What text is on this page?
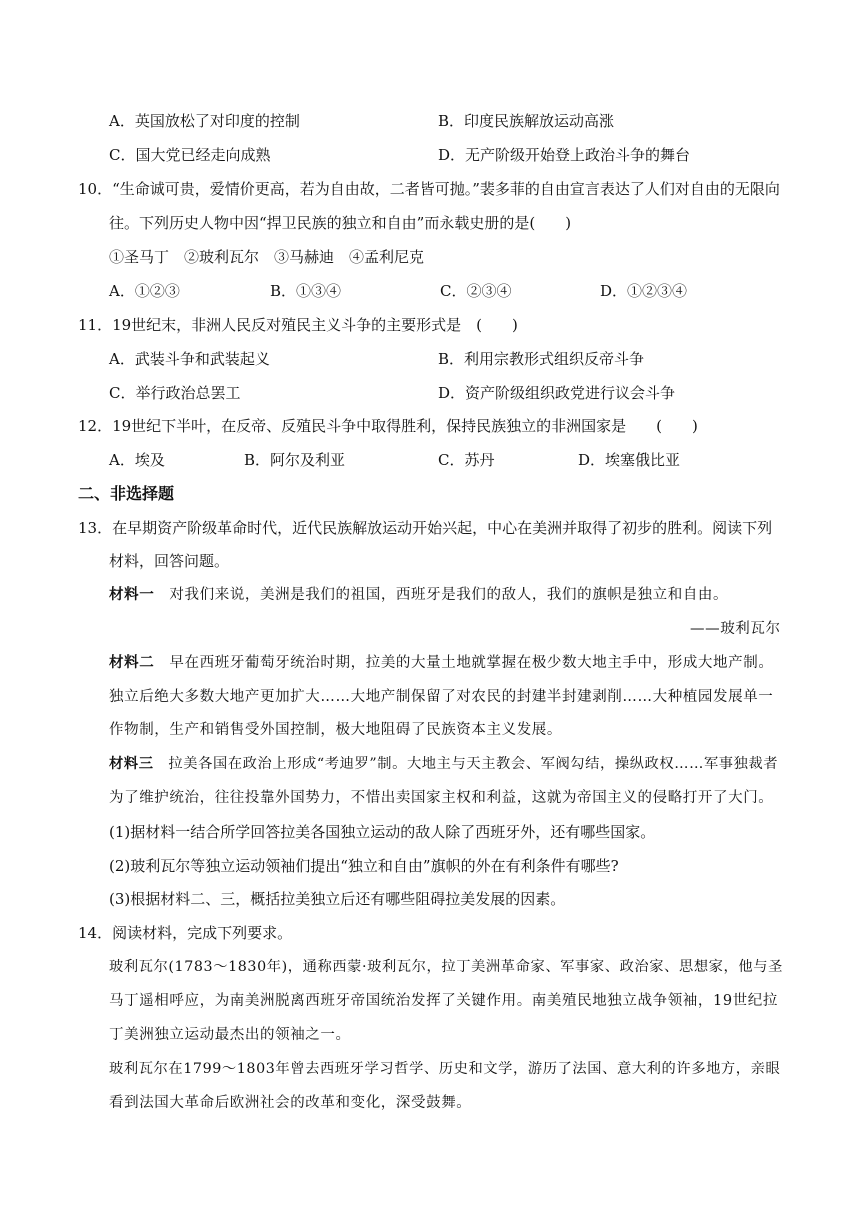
A．英国放松了对印度的控制	B．印度民族解放运动高涨
C．国大党已经走向成熟	D．无产阶级开始登上政治斗争的舞台
10．“生命诚可贵，爱情价更高，若为自由故，二者皆可抛。”裴多菲的自由宣言表达了人们对自由的无限向
往。下列历史人物中因“捍卫民族的独立和自由”而永载史册的是(　　)
①圣马丁　②玻利瓦尔　③马赫迪　④孟利尼克
A．①②③	B．①③④	C．②③④	D．①②③④
11．19世纪末，非洲人民反对殖民主义斗争的主要形式是　(　　)
A．武装斗争和武装起义	B．利用宗教形式组织反帝斗争
C．举行政治总罢工	D．资产阶级组织政党进行议会斗争
12．19世纪下半叶，在反帝、反殖民斗争中取得胜利，保持民族独立的非洲国家是　　(　　)
A．埃及	B．阿尔及利亚	C．苏丹	D．埃塞俄比亚
二、非选择题
13．在早期资产阶级革命时代，近代民族解放运动开始兴起，中心在美洲并取得了初步的胜利。阅读下列
材料，回答问题。
材料一　 对我们来说，美洲是我们的祖国，西班牙是我们的敌人，我们的旗帜是独立和自由。
——玻利瓦尔
材料二　 早在西班牙葡萄牙统治时期，拉美的大量土地就掌握在极少数大地主手中，形成大地产制。
独立后绝大多数大地产更加扩大……大地产制保留了对农民的封建半封建剥削……大种植园发展单一
作物制，生产和销售受外国控制，极大地阻碍了民族资本主义发展。
材料三　 拉美各国在政治上形成“考迪罗”制。大地主与天主教会、军阀勾结，操纵政权……军事独裁者
为了维护统治，往往投靠外国势力，不惜出卖国家主权和利益，这就为帝国主义的侵略打开了大门。
(1)据材料一结合所学回答拉美各国独立运动的敌人除了西班牙外，还有哪些国家。
(2)玻利瓦尔等独立运动领袖们提出“独立和自由”旗帜的外在有利条件有哪些?
(3)根据材料二、三，概括拉美独立后还有哪些阻碍拉美发展的因素。
14．阅读材料，完成下列要求。
玻利瓦尔(1783～1830年)，通称西蒙·玻利瓦尔，拉丁美洲革命家、军事家、政治家、思想家，他与圣
马丁遥相呼应，为南美洲脱离西班牙帝国统治发挥了关键作用。南美殖民地独立战争领袖，19世纪拉
丁美洲独立运动最杰出的领袖之一。
玻利瓦尔在1799～1803年曾去西班牙学习哲学、历史和文学，游历了法国、意大利的许多地方，亲眼
看到法国大革命后欧洲社会的改革和变化，深受鼓舞。
